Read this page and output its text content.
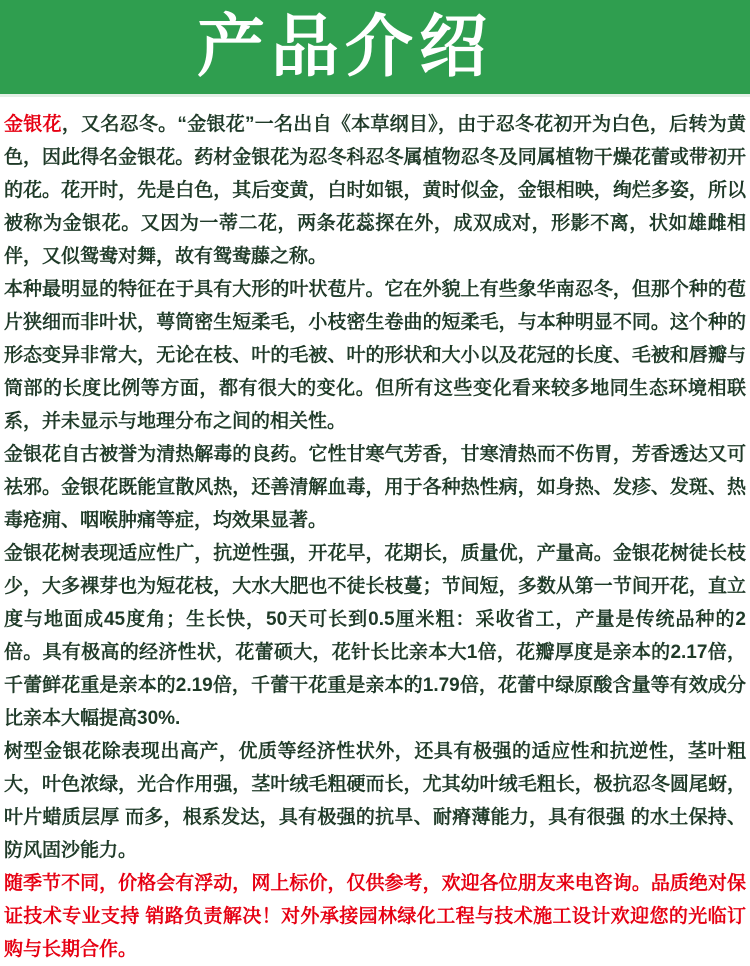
产品介绍

金银花，又名忍冬。“金银花”一名出自《本草纲目》，由于忍冬花初开为白色，后转为黄色，因此得名金银花。药材金银花为忍冬科忍冬属植物忍冬及同属植物干燥花蕾或带初开的花。花开时，先是白色，其后变黄，白时如银，黄时似金，金银相映，绚烂多姿，所以被称为金银花。又因为一蒂二花，两条花蕊探在外，成双成对，形影不离，状如雄雌相伴，又似鸳鸯对舞，故有鸳鸯藤之称。

本种最明显的特征在于具有大形的叶状苞片。它在外貌上有些象华南忍冬，但那个种的苞片狭细而非叶状，萼筒密生短柔毛，小枝密生卷曲的短柔毛，与本种明显不同。这个种的形态变异非常大，无论在枝、叶的毛被、叶的形状和大小以及花冠的长度、毛被和唇瓣与筒部的长度比例等方面，都有很大的变化。但所有这些变化看来较多地同生态环境相联系，并未显示与地理分布之间的相关性。

金银花自古被誉为清热解毒的良药。它性甘寒气芳香，甘寒清热而不伤胃，芳香透达又可祛邪。金银花既能宣散风热，还善清解血毒，用于各种热性病，如身热、发疹、发斑、热毒疮痈、咽喉肿痛等症，均效果显著。

金银花树表现适应性广，抗逆性强，开花早，花期长，质量优，产量高。金银花树徒长枝少，大多裸芽也为短花枝，大水大肥也不徒长枝蔓；节间短，多数从第一节间开花，直立度与地面成45度角；生长快，50天可长到0.5厘米粗：采收省工，产量是传统品种的2倍。具有极高的经济性状，花蕾硕大，花针长比亲本大1倍，花瓣厚度是亲本的2.17倍，千蕾鲜花重是亲本的2.19倍，千蕾干花重是亲本的1.79倍，花蕾中绿原酸含量等有效成分比亲本大幅提高30%.

树型金银花除表现出高产，优质等经济性状外，还具有极强的适应性和抗逆性，茎叶粗大，叶色浓绿，光合作用强，茎叶绒毛粗硬而长，尤其幼叶绒毛粗长，极抗忍冬圆尾蚜，叶片蜡质层厚 而多，根系发达，具有极强的抗旱、耐瘠薄能力，具有很强 的水土保持、防风固沙能力。

随季节不同，价格会有浮动，网上标价，仅供参考，欢迎各位朋友来电咨询。品质绝对保证技术专业支持 销路负责解决！对外承接园林绿化工程与技术施工设计欢迎您的光临订购与长期合作。
